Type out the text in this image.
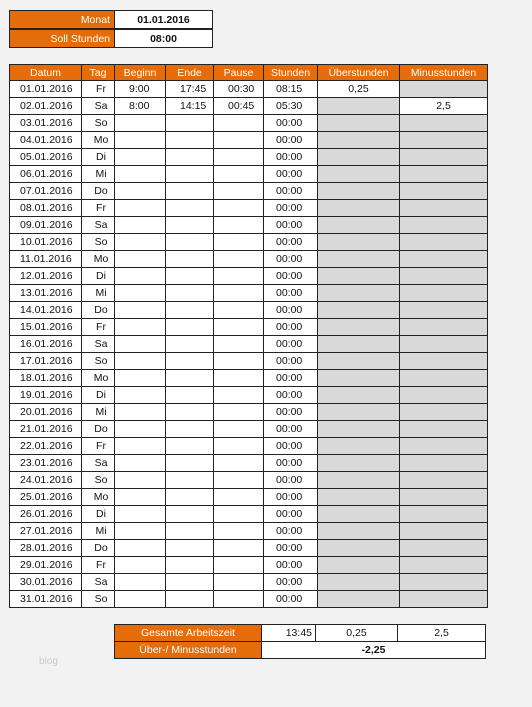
Monat	01.01.2016
Soll Stunden	08:00
Datum	Tag	Beginn	Ende	Pause	Stunden	Überstunden	Minusstunden
01.01.2016	Fr	9:00	17:45	00:30	08:15	0,25	
02.01.2016	Sa	8:00	14:15	00:45	05:30		2,5
03.01.2016	So				00:00		
04.01.2016	Mo				00:00		
05.01.2016	Di				00:00		
06.01.2016	Mi				00:00		
07.01.2016	Do				00:00		
08.01.2016	Fr				00:00		
09.01.2016	Sa				00:00		
10.01.2016	So				00:00		
11.01.2016	Mo				00:00		
12.01.2016	Di				00:00		
13.01.2016	Mi				00:00		
14.01.2016	Do				00:00		
15.01.2016	Fr				00:00		
16.01.2016	Sa				00:00		
17.01.2016	So				00:00		
18.01.2016	Mo				00:00		
19.01.2016	Di				00:00		
20.01.2016	Mi				00:00		
21.01.2016	Do				00:00		
22.01.2016	Fr				00:00		
23.01.2016	Sa				00:00		
24.01.2016	So				00:00		
25.01.2016	Mo				00:00		
26.01.2016	Di				00:00		
27.01.2016	Mi				00:00		
28.01.2016	Do				00:00		
29.01.2016	Fr				00:00		
30.01.2016	Sa				00:00		
31.01.2016	So				00:00		
Gesamte Arbeitszeit	13:45	0,25	2,5
Über-/ Minusstunden	-2,25
blog
